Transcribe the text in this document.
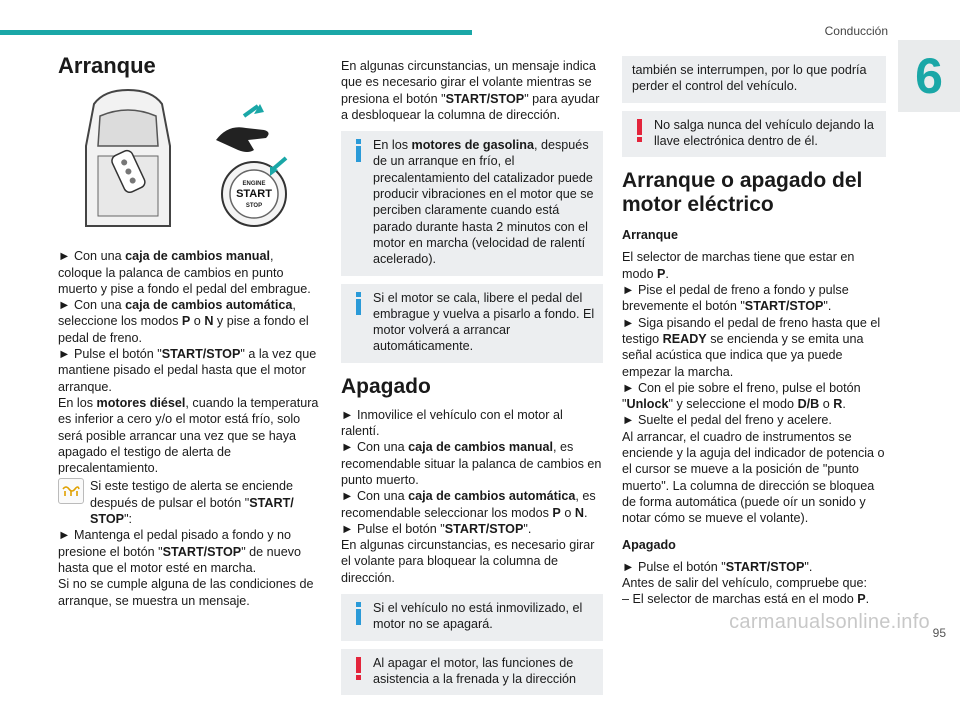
Conducción
6
carmanualsonline.info 95
Arranque
ENGINE
START
STOP

► Con una caja de cambios manual, coloque la palanca de cambios en punto muerto y pise a fondo el pedal del embrague.

► Con una caja de cambios automática, seleccione los modos P o N y pise a fondo el pedal de freno.

► Pulse el botón "START/STOP" a la vez que mantiene pisado el pedal hasta que el motor arranque.

En los motores diésel, cuando la temperatura es inferior a cero y/o el motor está frío, solo será posible arrancar una vez que se haya apagado el testigo de alerta de precalentamiento.

Si este testigo de alerta se enciende después de pulsar el botón "START/ STOP":

► Mantenga el pedal pisado a fondo y no presione el botón "START/STOP" de nuevo hasta que el motor esté en marcha.

Si no se cumple alguna de las condiciones de arranque, se muestra un mensaje.

En algunas circunstancias, un mensaje indica que es necesario girar el volante mientras se presiona el botón "START/STOP" para ayudar a desbloquear la columna de dirección.

En los motores de gasolina, después de un arranque en frío, el precalentamiento del catalizador puede producir vibraciones en el motor que se perciben claramente cuando está parado durante hasta 2 minutos con el motor en marcha (velocidad de ralentí acelerado).

Si el motor se cala, libere el pedal del embrague y vuelva a pisarlo a fondo. El motor volverá a arrancar automáticamente.

Apagado

► Inmovilice el vehículo con el motor al ralentí.

► Con una caja de cambios manual, es recomendable situar la palanca de cambios en punto muerto.

► Con una caja de cambios automática, es recomendable seleccionar los modos P o N.

► Pulse el botón "START/STOP".

En algunas circunstancias, es necesario girar el volante para bloquear la columna de dirección.

Si el vehículo no está inmovilizado, el motor no se apagará.

Al apagar el motor, las funciones de asistencia a la frenada y la dirección

también se interrumpen, por lo que podría perder el control del vehículo.

No salga nunca del vehículo dejando la llave electrónica dentro de él.

Arranque o apagado del motor eléctrico
Arranque

El selector de marchas tiene que estar en modo P.

► Pise el pedal de freno a fondo y pulse brevemente el botón "START/STOP".

► Siga pisando el pedal de freno hasta que el testigo READY se encienda y se emita una señal acústica que indica que ya puede empezar la marcha.

► Con el pie sobre el freno, pulse el botón "Unlock" y seleccione el modo D/B o R.

► Suelte el pedal del freno y acelere.

Al arrancar, el cuadro de instrumentos se enciende y la aguja del indicador de potencia o el cursor se mueve a la posición de "punto muerto". La columna de dirección se bloquea de forma automática (puede oír un sonido y notar cómo se mueve el volante).

Apagado

► Pulse el botón "START/STOP".

Antes de salir del vehículo, compruebe que:

– El selector de marchas está en el modo P.
